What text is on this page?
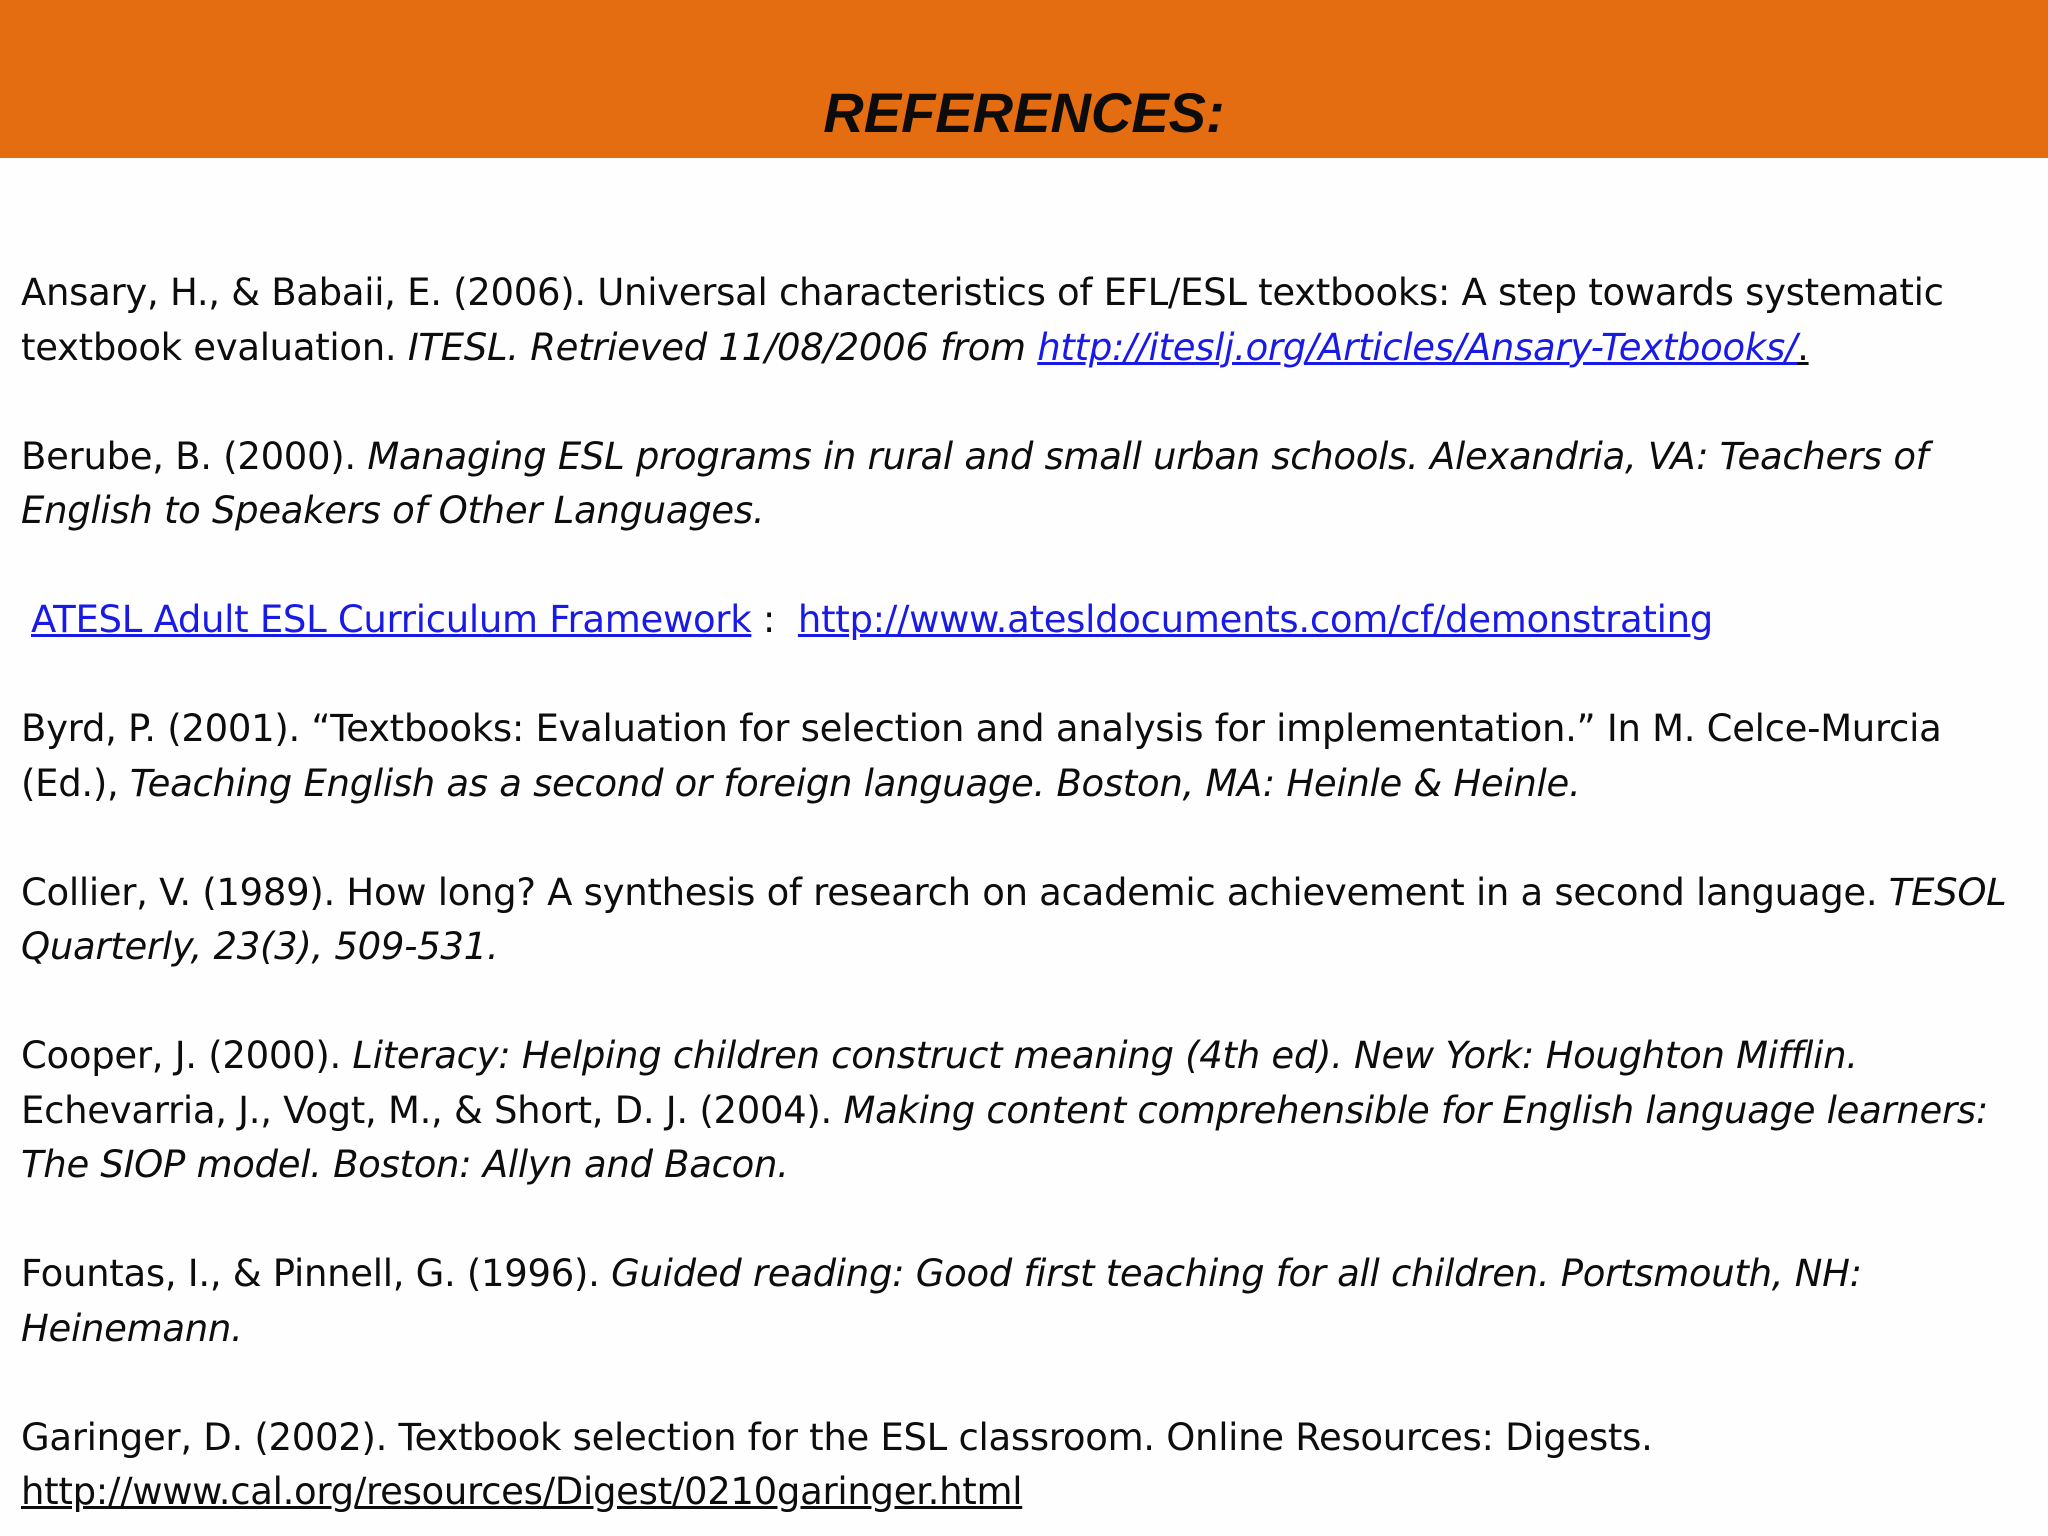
REFERENCES:
Ansary, H., & Babaii, E. (2006). Universal characteristics of EFL/ESL textbooks: A step towards systematic textbook evaluation. ITESL. Retrieved 11/08/2006 from http://iteslj.org/Articles/Ansary-Textbooks/.
Berube, B. (2000). Managing ESL programs in rural and small urban schools. Alexandria, VA: Teachers of English to Speakers of Other Languages.
ATESL Adult ESL Curriculum Framework :  http://www.atesldocuments.com/cf/demonstrating
Byrd, P. (2001). “Textbooks: Evaluation for selection and analysis for implementation.” In M. Celce-Murcia (Ed.), Teaching English as a second or foreign language. Boston, MA: Heinle & Heinle.
Collier, V. (1989). How long? A synthesis of research on academic achievement in a second language. TESOL Quarterly, 23(3), 509-531.
Cooper, J. (2000). Literacy: Helping children construct meaning (4th ed). New York: Houghton Mifflin.
Echevarria, J., Vogt, M., & Short, D. J. (2004). Making content comprehensible for English language learners: The SIOP model. Boston: Allyn and Bacon.
Fountas, I., & Pinnell, G. (1996). Guided reading: Good first teaching for all children. Portsmouth, NH: Heinemann.
Garinger, D. (2002). Textbook selection for the ESL classroom. Online Resources: Digests. http://www.cal.org/resources/Digest/0210garinger.html
